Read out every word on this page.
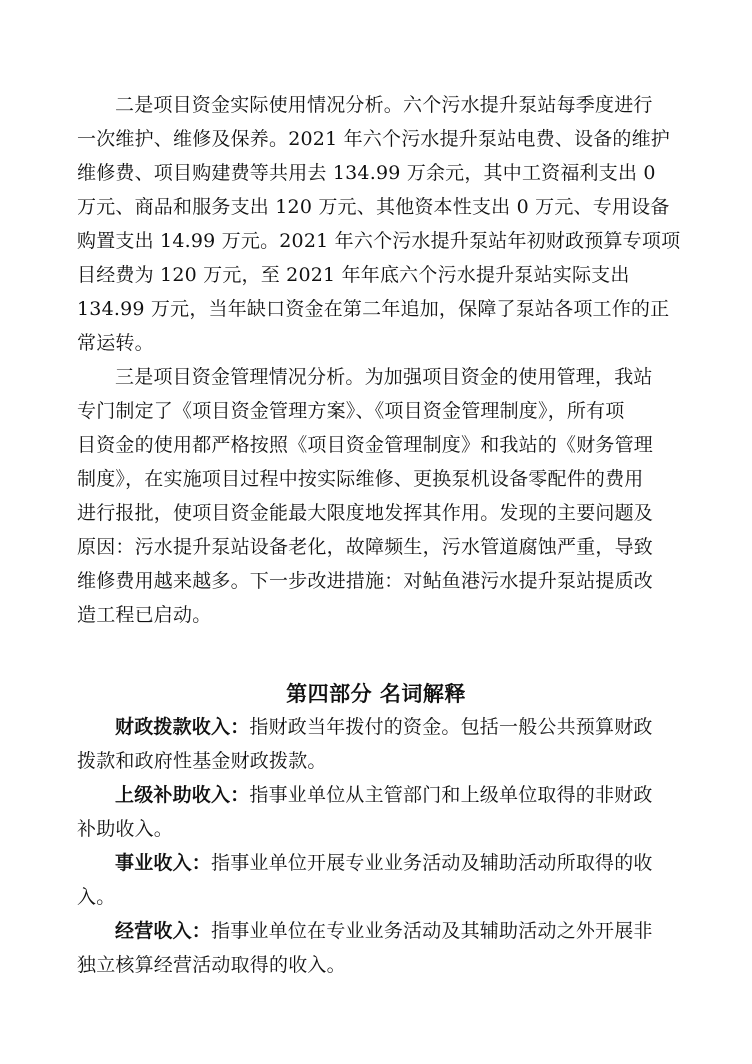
二是项目资金实际使用情况分析。六个污水提升泵站每季度进行
一次维护、维修及保养。2021 年六个污水提升泵站电费、设备的维护
维修费、项目购建费等共用去 134.99 万余元，其中工资福利支出 0
万元、商品和服务支出 120 万元、其他资本性支出 0 万元、专用设备
购置支出 14.99 万元。2021 年六个污水提升泵站年初财政预算专项项
目经费为 120 万元，至 2021 年年底六个污水提升泵站实际支出
134.99 万元，当年缺口资金在第二年追加，保障了泵站各项工作的正
常运转。
三是项目资金管理情况分析。为加强项目资金的使用管理，我站
专门制定了《项目资金管理方案》、《项目资金管理制度》，所有项
目资金的使用都严格按照《项目资金管理制度》和我站的《财务管理
制度》，在实施项目过程中按实际维修、更换泵机设备零配件的费用
进行报批，使项目资金能最大限度地发挥其作用。发现的主要问题及
原因：污水提升泵站设备老化，故障频生，污水管道腐蚀严重，导致
维修费用越来越多。下一步改进措施：对鲇鱼港污水提升泵站提质改
造工程已启动。
第四部分 名词解释
财政拨款收入：指财政当年拨付的资金。包括一般公共预算财政
拨款和政府性基金财政拨款。
上级补助收入：指事业单位从主管部门和上级单位取得的非财政
补助收入。
事业收入：指事业单位开展专业业务活动及辅助活动所取得的收
入。
经营收入：指事业单位在专业业务活动及其辅助活动之外开展非
独立核算经营活动取得的收入。
